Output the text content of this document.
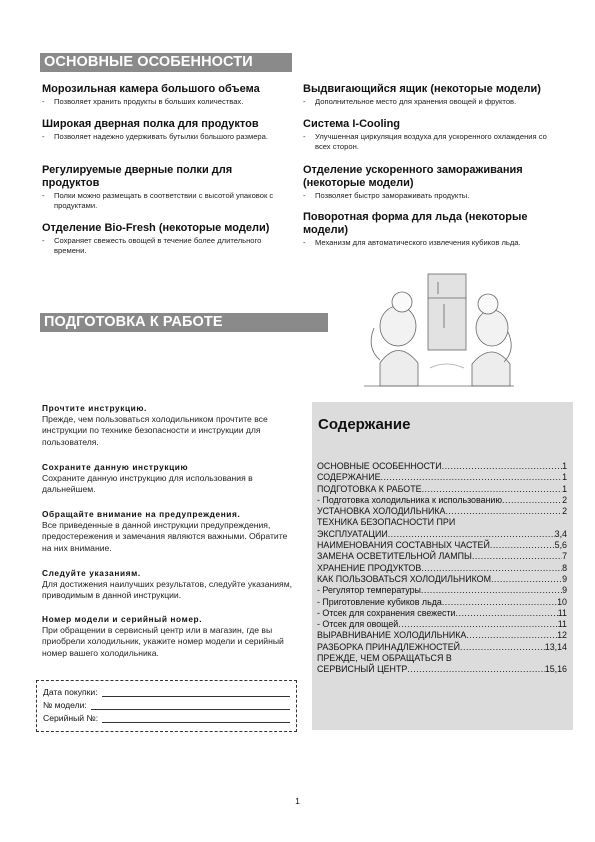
ОСНОВНЫЕ ОСОБЕННОСТИ
Морозильная камера большого объема
-	Позволяет хранить продукты в больших количествах.
Широкая дверная полка для продуктов
-	Позволяет надежно удерживать бутылки большого размера.
Регулируемые дверные полки для продуктов
-	Полки можно размещать в соответствии с высотой упаковок с продуктами.
Отделение Bio-Fresh (некоторые модели)
-	Сохраняет свежесть овощей в течение более длительного времени.
Выдвигающийся ящик (некоторые модели)
-	Дополнительное место для хранения овощей и фруктов.
Система I-Cooling
-	Улучшенная циркуляция воздуха для ускоренного охлаждения со всех сторон.
Отделение ускоренного замораживания (некоторые модели)
-	Позволяет быстро замораживать продукты.
Поворотная форма для льда (некоторые модели)
-	Механизм для автоматического извлечения кубиков льда.
ПОДГОТОВКА К РАБОТЕ
Прочтите инструкцию.

Прежде, чем пользоваться холодильником прочтите все инструкции по технике безопасности и инструкции для пользователя.

Сохраните данную инструкцию

Сохраните данную инструкцию для использования в дальнейшем.

Обращайте внимание на предупреждения.

Все приведенные в данной инструкции предупреждения, предостережения и замечания являются важными. Обратите на них внимание.

Следуйте указаниям.

Для достижения наилучших результатов, следуйте указаниям, приводимым в данной инструкции.

Номер модели и серийный номер.

При обращении в сервисный центр или в магазин, где вы приобрели холодильник, укажите номер модели и серийный номер вашего холодильника.

Дата покупки:
№ модели:
Серийный №:
Содержание
ОСНОВНЫЕ ОСОБЕННОСТИ .....	1
СОДЕРЖАНИЕ .....	1
ПОДГОТОВКА К РАБОТЕ .....	1
- Подготовка холодильника к использованию .....	2
УСТАНОВКА ХОЛОДИЛЬНИКА .....	2
ТЕХНИКА БЕЗОПАСНОСТИ ПРИ
ЭКСПЛУАТАЦИИ .....	3,4
НАИМЕНОВАНИЯ СОСТАВНЫХ ЧАСТЕЙ .....	5,6
ЗАМЕНА ОСВЕТИТЕЛЬНОЙ ЛАМПЫ .....	7
ХРАНЕНИЕ ПРОДУКТОВ .....	8
КАК ПОЛЬЗОВАТЬСЯ ХОЛОДИЛЬНИКОМ .....	9
- Регулятор температуры .....	9
- Приготовление кубиков льда .....	10
- Отсек для сохранения свежести .....	11
- Отсек для овощей .....	11
ВЫРАВНИВАНИЕ ХОЛОДИЛЬНИКА .....	12
РАЗБОРКА ПРИНАДЛЕЖНОСТЕЙ .....	13,14
ПРЕЖДЕ, ЧЕМ ОБРАЩАТЬСЯ В
СЕРВИСНЫЙ ЦЕНТР .....	15,16
1
